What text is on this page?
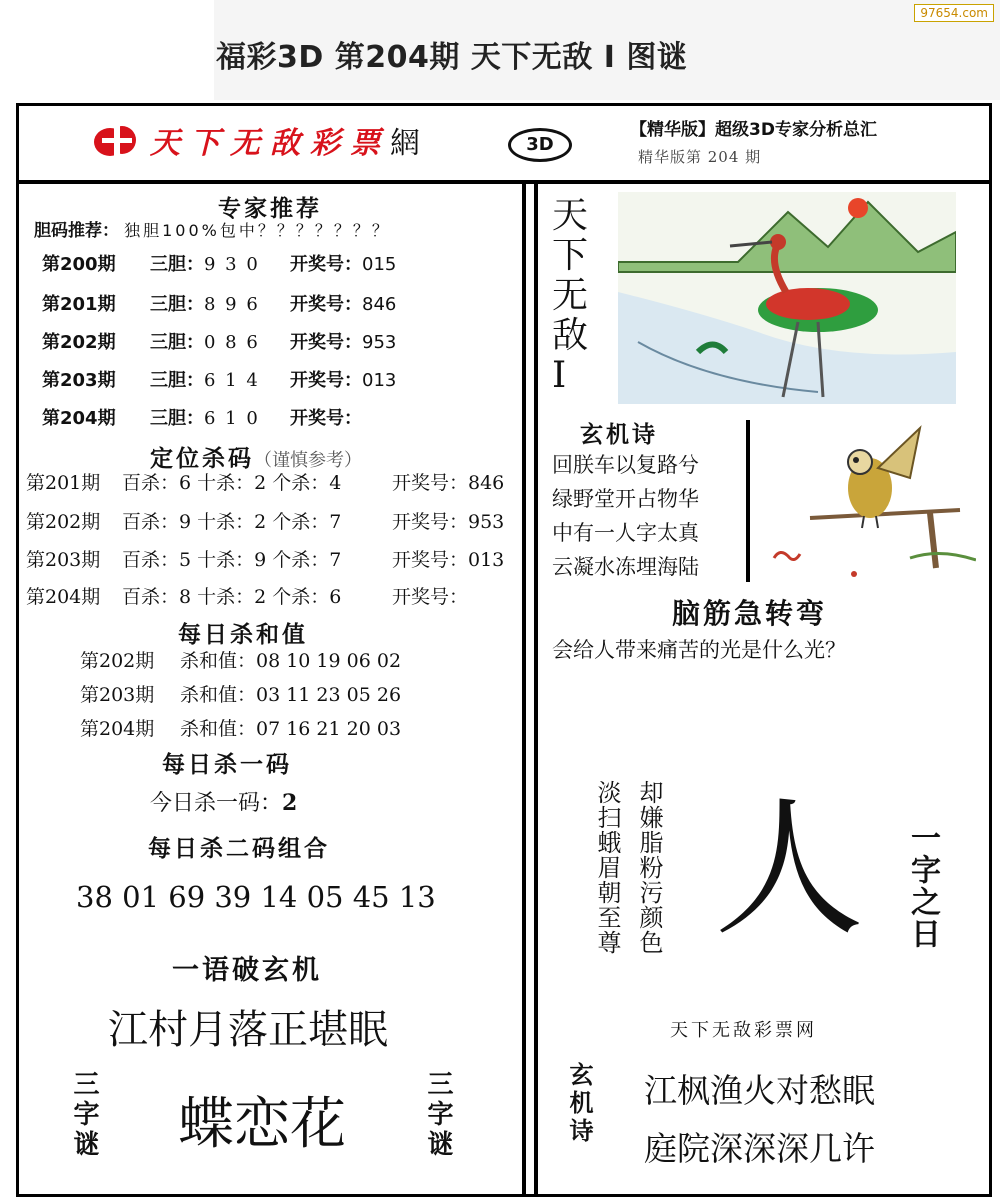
97654.com
福彩3D 第204期 天下无敌 I 图谜
天下无敌彩票網	3D
【精华版】超级3D专家分析总汇
精华版第 204 期
专家推荐
胆码推荐： 独胆100%包中？？？？？？？
第200期 三胆：9 3 0 开奖号：015
第201期 三胆：8 9 6 开奖号：846
第202期 三胆：0 8 6 开奖号：953
第203期 三胆：6 1 4 开奖号：013
第204期 三胆：6 1 0 开奖号：
定位杀码（谨慎参考）
第201期 百杀：6 十杀：2 个杀：4	开奖号：846
第202期 百杀：9 十杀：2 个杀：7	开奖号：953
第203期 百杀：5 十杀：9 个杀：7	开奖号：013
第204期 百杀：8 十杀：2 个杀：6	开奖号：
每日杀和值
第202期 杀和值：08 10 19 06 02
第203期 杀和值：03 11 23 05 26
第204期 杀和值：07 16 21 20 03
每日杀一码
今日杀一码：2
每日杀二码组合
38 01 69 39 14 05 45 13
一语破玄机
江村月落正堪眠
三字谜 蝶恋花	三字谜
天下无敌I
玄机诗
回朕车以复路兮
绿野堂开占物华
中有一人字太真
云凝水冻埋海陆
脑筋急转弯
会给人带来痛苦的光是什么光？
却嫌脂粉污颜色
淡扫蛾眉朝至尊 人 一字之日
天下无敌彩票网
玄机诗 江枫渔火对愁眠
庭院深深深几许
